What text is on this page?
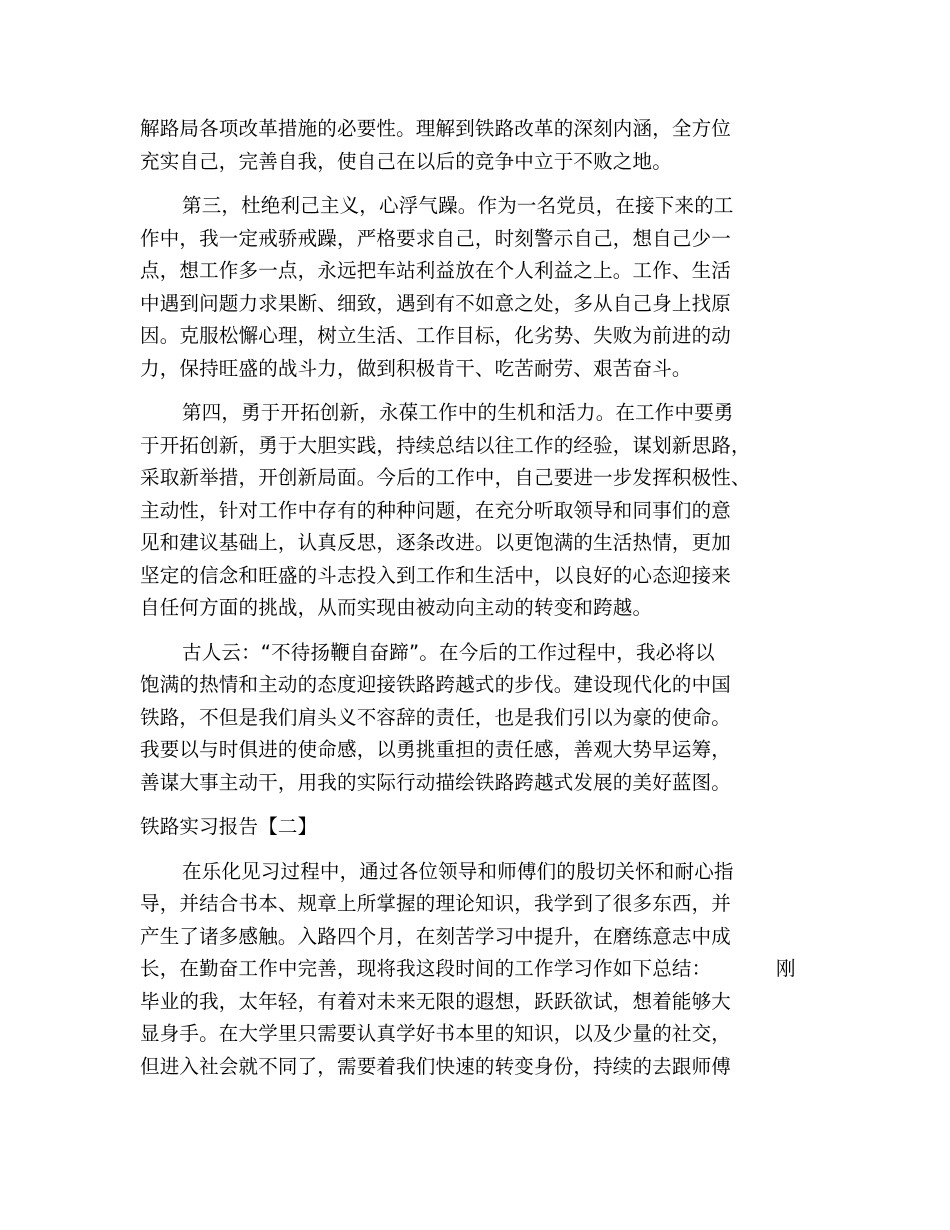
解路局各项改革措施的必要性。理解到铁路改革的深刻内涵，全方位
充实自己，完善自我，使自己在以后的竞争中立于不败之地。
第三，杜绝利己主义，心浮气躁。作为一名党员，在接下来的工
作中，我一定戒骄戒躁，严格要求自己，时刻警示自己，想自己少一
点，想工作多一点，永远把车站利益放在个人利益之上。工作、生活
中遇到问题力求果断、细致，遇到有不如意之处，多从自己身上找原
因。克服松懈心理，树立生活、工作目标，化劣势、失败为前进的动
力，保持旺盛的战斗力，做到积极肯干、吃苦耐劳、艰苦奋斗。
第四，勇于开拓创新，永葆工作中的生机和活力。在工作中要勇
于开拓创新，勇于大胆实践，持续总结以往工作的经验，谋划新思路，
采取新举措，开创新局面。今后的工作中，自己要进一步发挥积极性、
主动性，针对工作中存有的种种问题，在充分听取领导和同事们的意
见和建议基础上，认真反思，逐条改进。以更饱满的生活热情，更加
坚定的信念和旺盛的斗志投入到工作和生活中，以良好的心态迎接来
自任何方面的挑战，从而实现由被动向主动的转变和跨越。
古人云：“不待扬鞭自奋蹄”。在今后的工作过程中，我必将以
饱满的热情和主动的态度迎接铁路跨越式的步伐。建设现代化的中国
铁路，不但是我们肩头义不容辞的责任，也是我们引以为豪的使命。
我要以与时俱进的使命感，以勇挑重担的责任感，善观大势早运筹，
善谋大事主动干，用我的实际行动描绘铁路跨越式发展的美好蓝图。
铁路实习报告【二】
在乐化见习过程中，通过各位领导和师傅们的殷切关怀和耐心指
导，并结合书本、规章上所掌握的理论知识，我学到了很多东西，并
产生了诸多感触。入路四个月，在刻苦学习中提升，在磨练意志中成
长，在勤奋工作中完善，现将我这段时间的工作学习作如下总结：	刚
毕业的我，太年轻，有着对未来无限的遐想，跃跃欲试，想着能够大
显身手。在大学里只需要认真学好书本里的知识，以及少量的社交，
但进入社会就不同了，需要着我们快速的转变身份，持续的去跟师傅
